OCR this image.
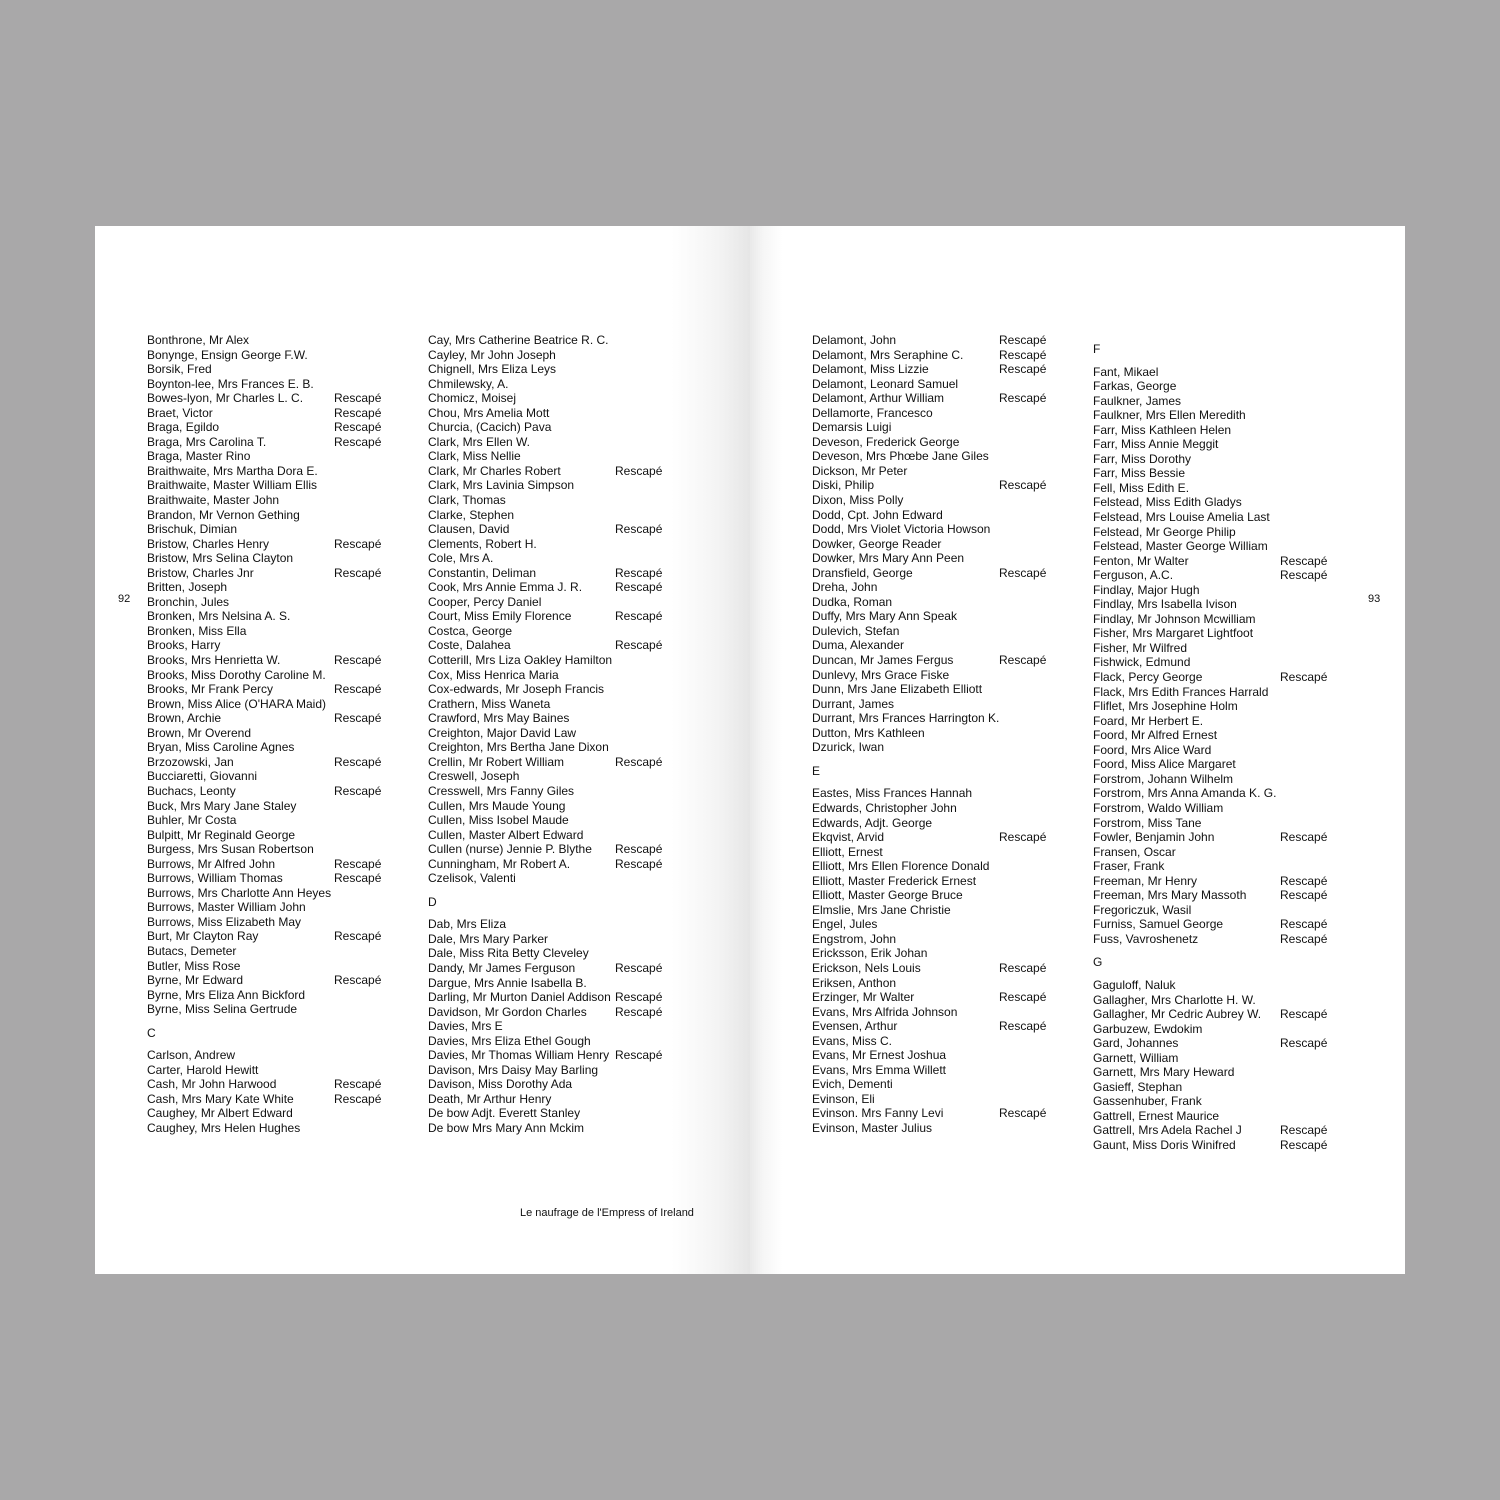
92	93
Bonthrone, Mr Alex
Bonynge, Ensign George F.W.
Borsik, Fred
Boynton-lee, Mrs Frances E. B.
Bowes-lyon, Mr Charles L. C.	Rescapé
Braet, Victor	Rescapé
Braga, Egildo	Rescapé
Braga, Mrs Carolina T.	Rescapé
Braga, Master Rino
Braithwaite, Mrs Martha Dora E.
Braithwaite, Master William Ellis
Braithwaite, Master John
Brandon, Mr Vernon Gething
Brischuk, Dimian
Bristow, Charles Henry	Rescapé
Bristow, Mrs Selina Clayton
Bristow, Charles Jnr	Rescapé
Britten, Joseph
Bronchin, Jules
Bronken, Mrs Nelsina A. S.
Bronken, Miss Ella
Brooks, Harry
Brooks, Mrs Henrietta W.	Rescapé
Brooks, Miss Dorothy Caroline M.
Brooks, Mr Frank Percy	Rescapé
Brown, Miss Alice (O'HARA Maid)
Brown, Archie	Rescapé
Brown, Mr Overend
Bryan, Miss Caroline Agnes
Brzozowski, Jan	Rescapé
Bucciaretti, Giovanni
Buchacs, Leonty	Rescapé
Buck, Mrs Mary Jane Staley
Buhler, Mr Costa
Bulpitt, Mr Reginald George
Burgess, Mrs Susan Robertson
Burrows, Mr Alfred John	Rescapé
Burrows, William Thomas	Rescapé
Burrows, Mrs Charlotte Ann Heyes
Burrows, Master William John
Burrows, Miss Elizabeth May
Burt, Mr Clayton Ray	Rescapé
Butacs, Demeter
Butler, Miss Rose
Byrne, Mr Edward	Rescapé
Byrne, Mrs Eliza Ann Bickford
Byrne, Miss Selina Gertrude
C
Carlson, Andrew
Carter, Harold Hewitt
Cash, Mr John Harwood	Rescapé
Cash, Mrs Mary Kate White	Rescapé
Caughey, Mr Albert Edward
Caughey, Mrs Helen Hughes
Cay, Mrs Catherine Beatrice R. C.
Cayley, Mr John Joseph
Chignell, Mrs Eliza Leys
Chmilewsky, A.
Chomicz, Moisej
Chou, Mrs Amelia Mott
Churcia, (Cacich) Pava
Clark, Mrs Ellen W.
Clark, Miss Nellie
Clark, Mr Charles Robert	Rescapé
Clark, Mrs Lavinia Simpson
Clark, Thomas
Clarke, Stephen
Clausen, David	Rescapé
Clements, Robert H.
Cole, Mrs A.
Constantin, Deliman	Rescapé
Cook, Mrs Annie Emma J. R.	Rescapé
Cooper, Percy Daniel
Court, Miss Emily Florence	Rescapé
Costca, George
Coste, Dalahea	Rescapé
Cotterill, Mrs Liza Oakley Hamilton
Cox, Miss Henrica Maria
Cox-edwards, Mr Joseph Francis
Crathern, Miss Waneta
Crawford, Mrs May Baines
Creighton, Major David Law
Creighton, Mrs Bertha Jane Dixon
Crellin, Mr Robert William	Rescapé
Creswell, Joseph
Cresswell, Mrs Fanny Giles
Cullen, Mrs Maude Young
Cullen, Miss Isobel Maude
Cullen, Master Albert Edward
Cullen (nurse) Jennie P. Blythe Rescapé
Cunningham, Mr Robert A.	Rescapé
Czelisok, Valenti
D
Dab, Mrs Eliza
Dale, Mrs Mary Parker
Dale, Miss Rita Betty Cleveley
Dandy, Mr James Ferguson	Rescapé
Dargue, Mrs Annie Isabella B.
Darling, Mr Murton Daniel Addison Rescapé
Davidson, Mr Gordon Charles Rescapé
Davies, Mrs E
Davies, Mrs Eliza Ethel Gough
Davies, Mr Thomas William Henry Rescapé
Davison, Mrs Daisy May Barling
Davison, Miss Dorothy Ada
Death, Mr Arthur Henry
De bow Adjt. Everett Stanley
De bow Mrs Mary Ann Mckim
Delamont, John	Rescapé
Delamont, Mrs Seraphine C.	Rescapé
Delamont, Miss Lizzie	Rescapé
Delamont, Leonard Samuel
Delamont, Arthur William	Rescapé
Dellamorte, Francesco
Demarsis Luigi
Deveson, Frederick George
Deveson, Mrs Phœbe Jane Giles
Dickson, Mr Peter
Diski, Philip	Rescapé
Dixon, Miss Polly
Dodd, Cpt. John Edward
Dodd, Mrs Violet Victoria Howson
Dowker, George Reader
Dowker, Mrs Mary Ann Peen
Dransfield, George	Rescapé
Dreha, John
Dudka, Roman
Duffy, Mrs Mary Ann Speak
Dulevich, Stefan
Duma, Alexander
Duncan, Mr James Fergus	Rescapé
Dunlevy, Mrs Grace Fiske
Dunn, Mrs Jane Elizabeth Elliott
Durrant, James
Durrant, Mrs Frances Harrington K.
Dutton, Mrs Kathleen
Dzurick, Iwan
E
Eastes, Miss Frances Hannah
Edwards, Christopher John
Edwards, Adjt. George
Ekqvist, Arvid	Rescapé
Elliott, Ernest
Elliott, Mrs Ellen Florence Donald
Elliott, Master Frederick Ernest
Elliott, Master George Bruce
Elmslie, Mrs Jane Christie
Engel, Jules
Engstrom, John
Ericksson, Erik Johan
Erickson, Nels Louis	Rescapé
Eriksen, Anthon
Erzinger, Mr Walter	Rescapé
Evans, Mrs Alfrida Johnson
Evensen, Arthur	Rescapé
Evans, Miss C.
Evans, Mr Ernest Joshua
Evans, Mrs Emma Willett
Evich, Dementi
Evinson, Eli
Evinson. Mrs Fanny Levi	Rescapé
Evinson, Master Julius
F
Fant, Mikael
Farkas, George
Faulkner, James
Faulkner, Mrs Ellen Meredith
Farr, Miss Kathleen Helen
Farr, Miss Annie Meggit
Farr, Miss Dorothy
Farr, Miss Bessie
Fell, Miss Edith E.
Felstead, Miss Edith Gladys
Felstead, Mrs Louise Amelia Last
Felstead, Mr George Philip
Felstead, Master George William
Fenton, Mr Walter	Rescapé
Ferguson, A.C.	Rescapé
Findlay, Major Hugh
Findlay, Mrs Isabella Ivison
Findlay, Mr Johnson Mcwilliam
Fisher, Mrs Margaret Lightfoot
Fisher, Mr Wilfred
Fishwick, Edmund
Flack, Percy George	Rescapé
Flack, Mrs Edith Frances Harrald
Fliflet, Mrs Josephine Holm
Foard, Mr Herbert E.
Foord, Mr Alfred Ernest
Foord, Mrs Alice Ward
Foord, Miss Alice Margaret
Forstrom, Johann Wilhelm
Forstrom, Mrs Anna Amanda K. G.
Forstrom, Waldo William
Forstrom, Miss Tane
Fowler, Benjamin John	Rescapé
Fransen, Oscar
Fraser, Frank
Freeman, Mr Henry	Rescapé
Freeman, Mrs Mary Massoth	Rescapé
Fregoriczuk, Wasil
Furniss, Samuel George	Rescapé
Fuss, Vavroshenetz	Rescapé
G
Gaguloff, Naluk
Gallagher, Mrs Charlotte H. W.
Gallagher, Mr Cedric Aubrey W. Rescapé
Garbuzew, Ewdokim
Gard, Johannes	Rescapé
Garnett, William
Garnett, Mrs Mary Heward
Gasieff, Stephan
Gassenhuber, Frank
Gattrell, Ernest Maurice
Gattrell, Mrs Adela Rachel J	Rescapé
Gaunt, Miss Doris Winifred	Rescapé
Le naufrage de l'Empress of Ireland
